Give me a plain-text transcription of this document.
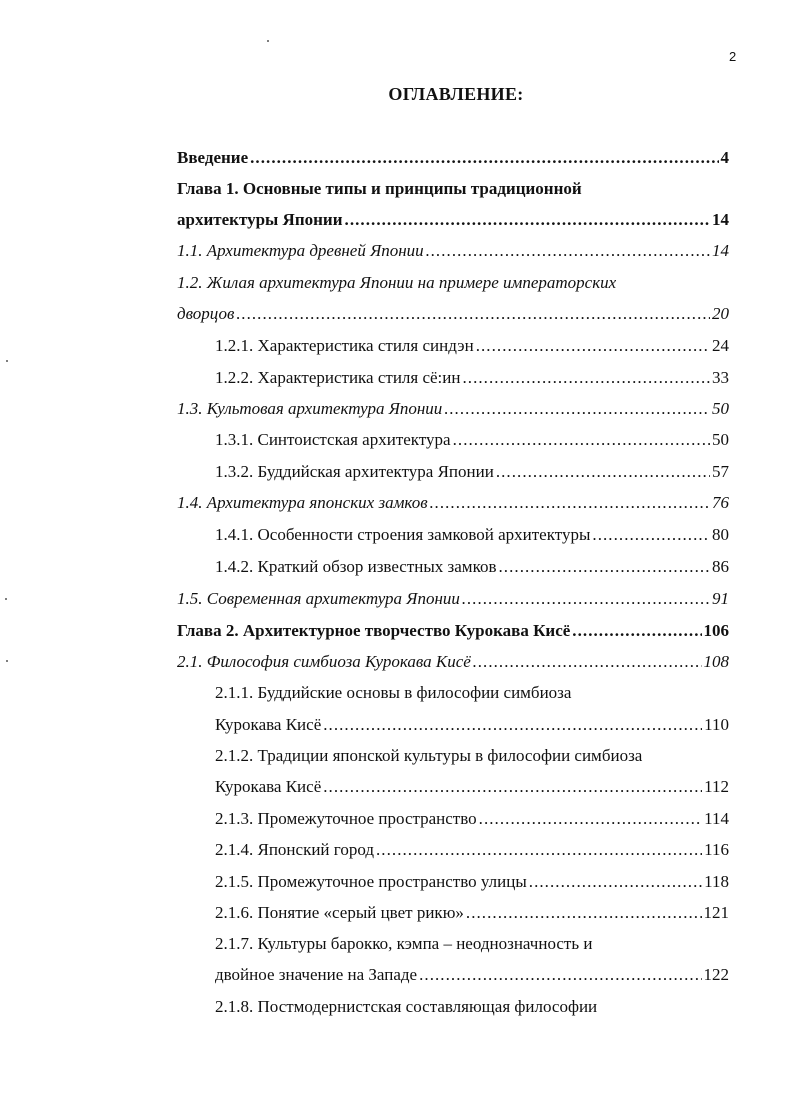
2
ОГЛАВЛЕНИЕ:
Введение . . .	4
Глава 1. Основные типы и принципы традиционной
архитектуры Японии . . .	14
1.1. Архитектура древней Японии . . .	14
1.2. Жилая архитектура Японии на примере императорских
дворцов . . .	20
1.2.1. Характеристика стиля синдэн . . .	24
1.2.2. Характеристика стиля сё:ин . . .	33
1.3. Культовая архитектура Японии . . .	50
1.3.1. Синтоистская архитектура . . .	50
1.3.2. Буддийская архитектура Японии . . .	57
1.4. Архитектура японских замков . . .	76
1.4.1. Особенности строения замковой архитектуры . . .	80
1.4.2. Краткий обзор известных замков . . .	86
1.5. Современная архитектура Японии . . .	91
Глава 2. Архитектурное творчество Курокава Кисё . . .	106
2.1. Философия симбиоза Курокава Кисё . . .	108
2.1.1. Буддийские основы в философии симбиоза
Курокава Кисё . . .	110
2.1.2. Традиции японской культуры в философии симбиоза
Курокава Кисё . . .	112
2.1.3. Промежуточное пространство . . .	114
2.1.4. Японский город . . .	116
2.1.5. Промежуточное пространство улицы . . .	118
2.1.6. Понятие «серый цвет рикю» . . .	121
2.1.7. Культуры барокко, кэмпа – неоднозначность и
двойное значение на Западе . . .	122
2.1.8. Постмодернистская составляющая философии
